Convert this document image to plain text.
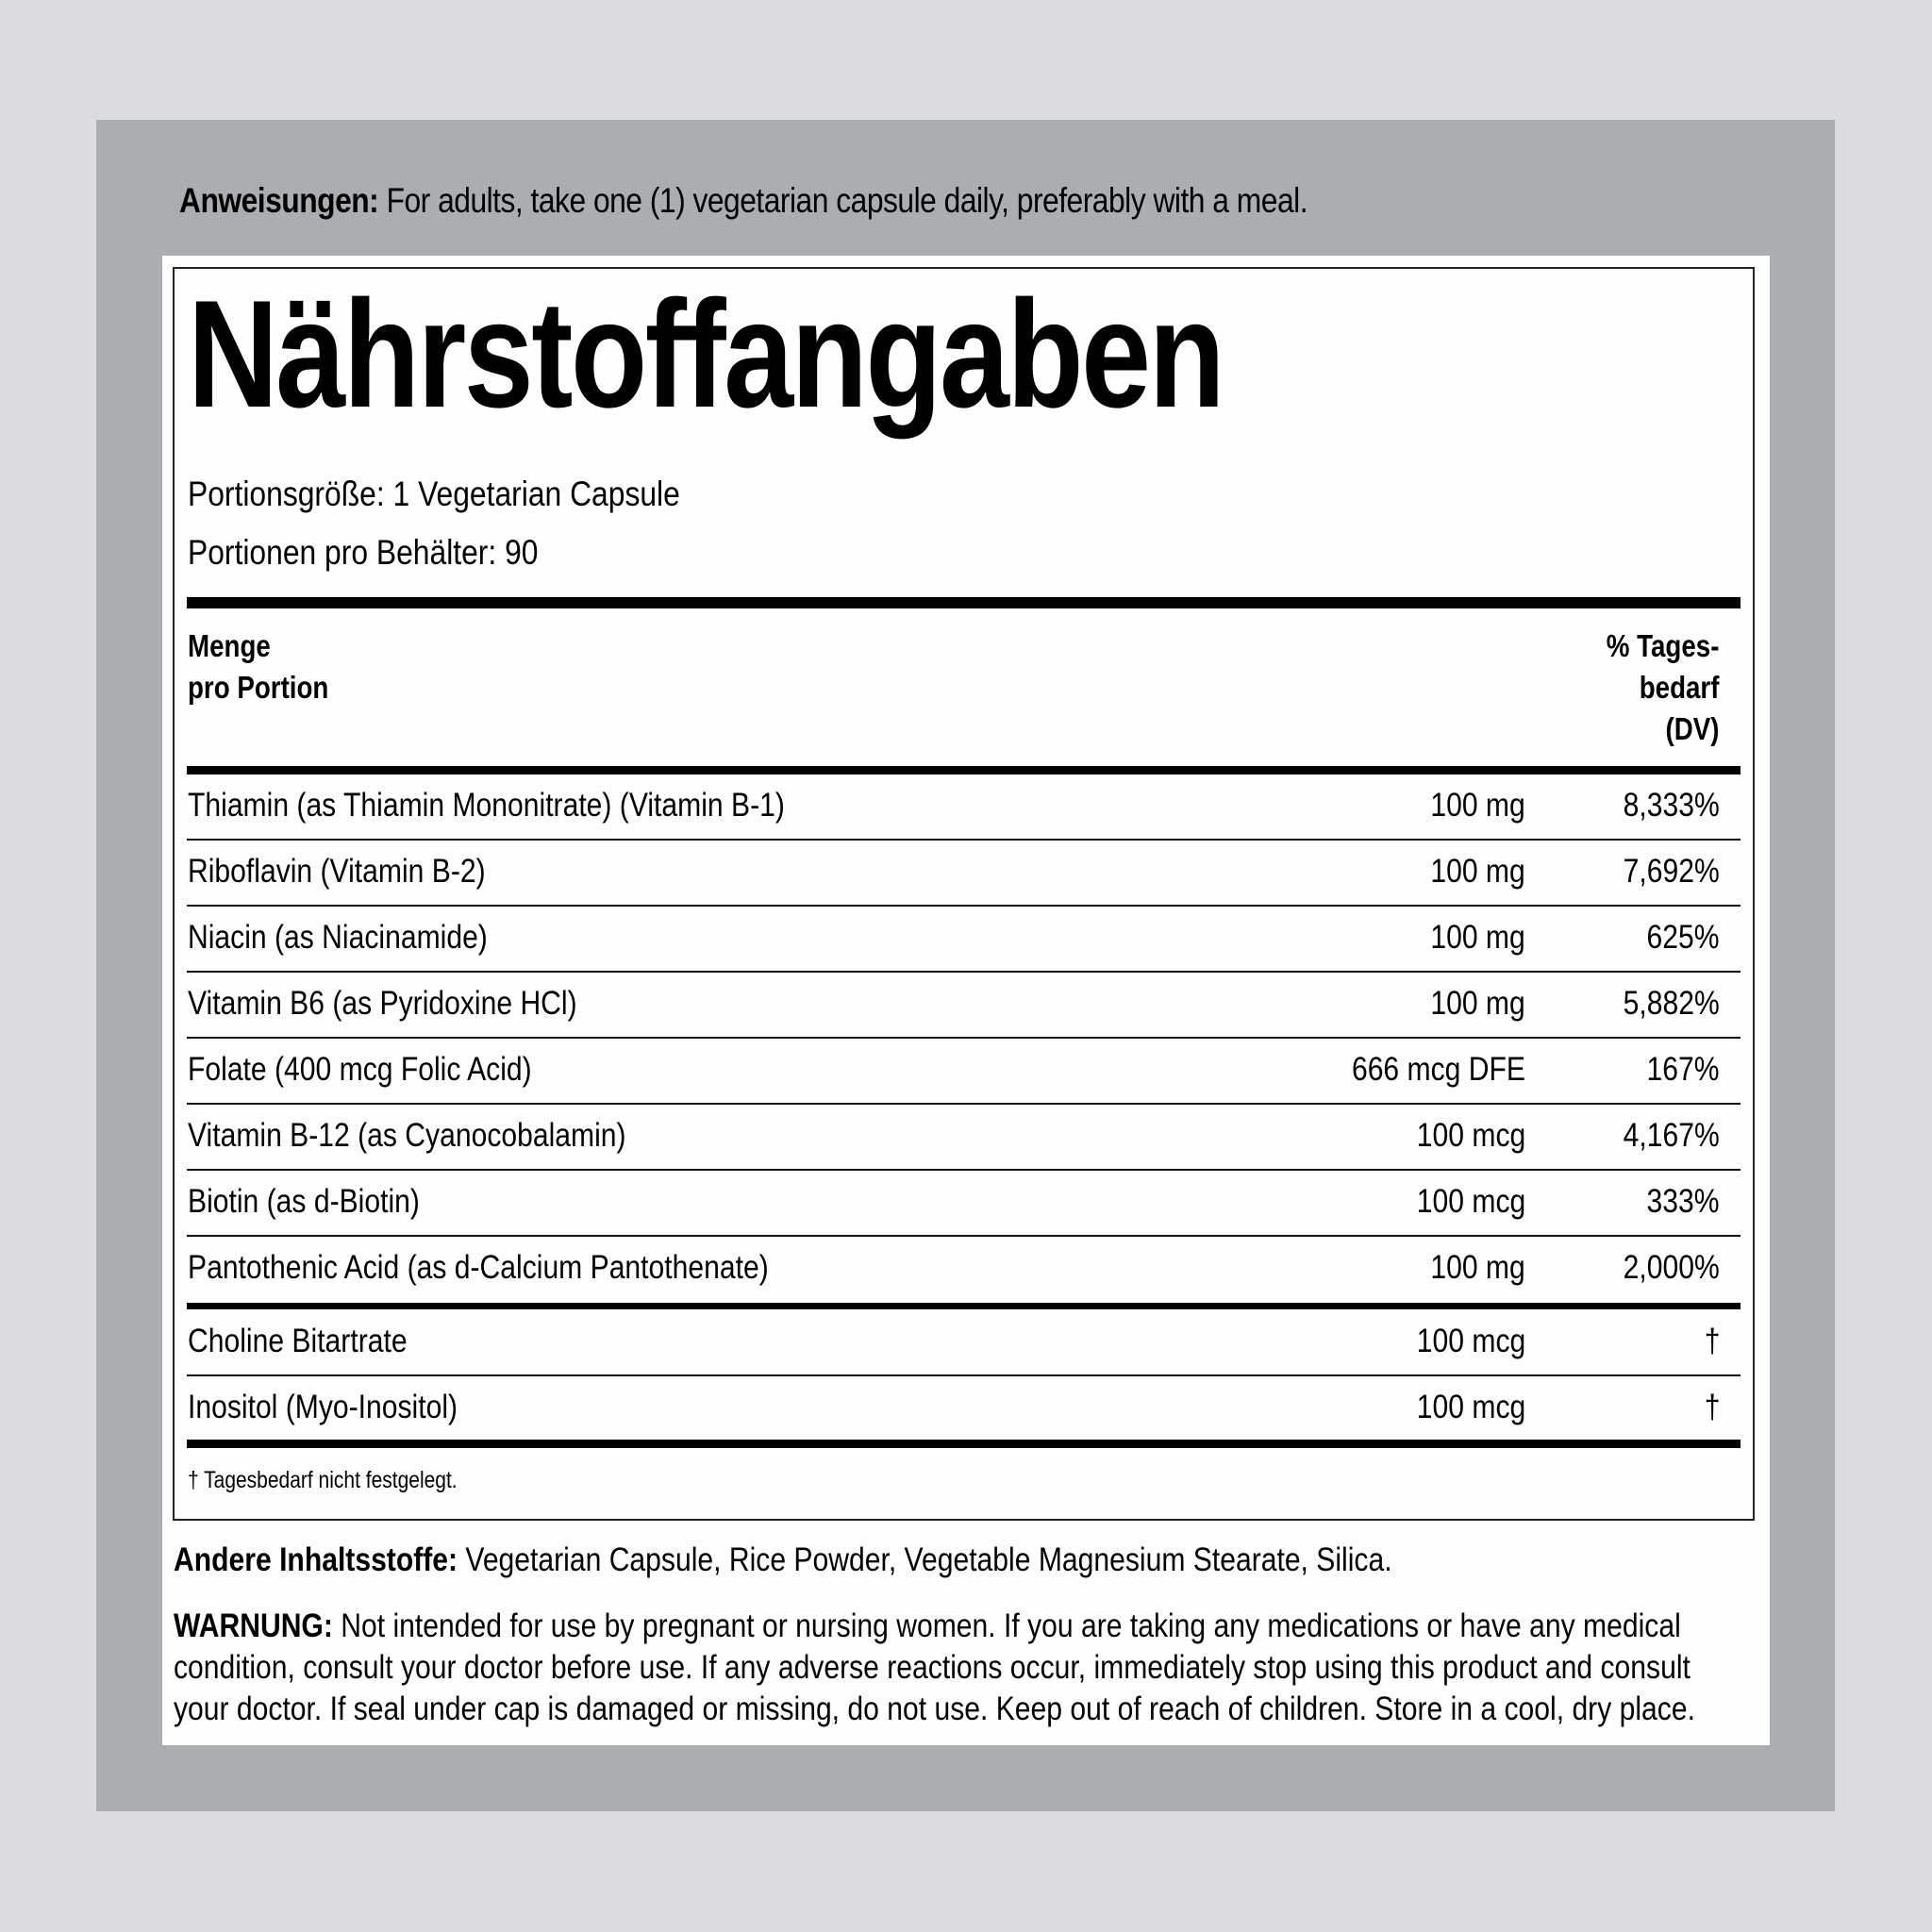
Anweisungen: For adults, take one (1) vegetarian capsule daily, preferably with a meal.
Nährstoffangaben
Portionsgröße: 1 Vegetarian Capsule
Portionen pro Behälter: 90
Menge
pro Portion
% Tages-
bedarf
(DV)
Thiamin (as Thiamin Mononitrate) (Vitamin B-1)	100 mg	8,333%
Riboflavin (Vitamin B-2)	100 mg	7,692%
Niacin (as Niacinamide)	100 mg	625%
Vitamin B6 (as Pyridoxine HCl)	100 mg	5,882%
Folate (400 mcg Folic Acid)	666 mcg DFE	167%
Vitamin B-12 (as Cyanocobalamin)	100 mcg	4,167%
Biotin (as d-Biotin)	100 mcg	333%
Pantothenic Acid (as d-Calcium Pantothenate)	100 mg	2,000%
Choline Bitartrate	100 mcg	†
Inositol (Myo-Inositol)	100 mcg	†
† Tagesbedarf nicht festgelegt.
Andere Inhaltsstoffe: Vegetarian Capsule, Rice Powder, Vegetable Magnesium Stearate, Silica.
WARNUNG: Not intended for use by pregnant or nursing women. If you are taking any medications or have any medical
condition, consult your doctor before use. If any adverse reactions occur, immediately stop using this product and consult
your doctor. If seal under cap is damaged or missing, do not use. Keep out of reach of children. Store in a cool, dry place.
